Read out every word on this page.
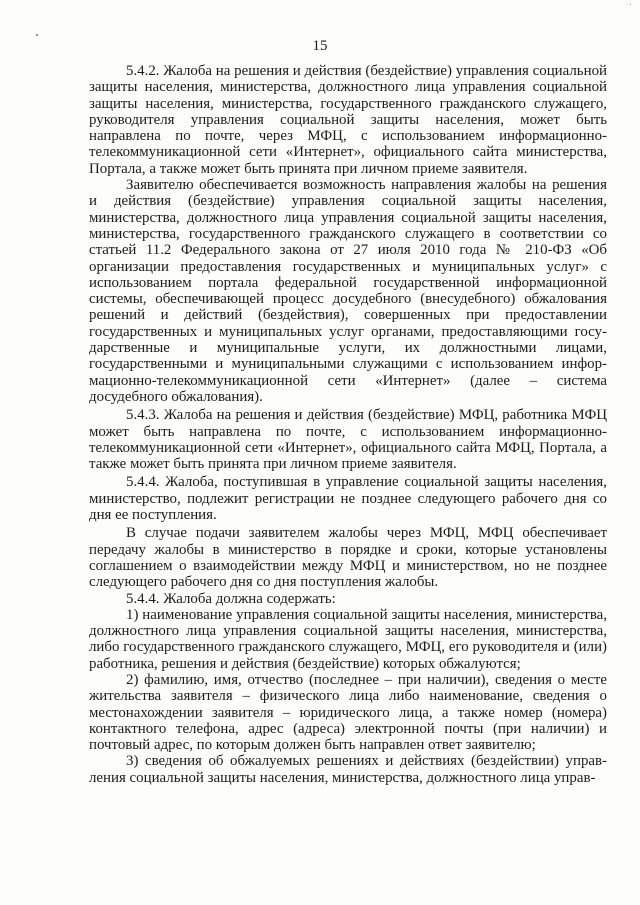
15

5.4.2. Жалоба на решения и действия (бездействие) управления социальной защиты населения, министерства, должностного лица управления социальной защиты населения, министерства, государственного гражданского служащего, руководителя управления социальной защиты населения, может быть направлена по почте, через МФЦ, с использованием информационно-телекоммуникационной сети «Интернет», официального сайта министерства, Портала, а также может быть принята при личном приеме заявителя.

Заявителю обеспечивается возможность направления жалобы на решения и действия (бездействие) управления социальной защиты населения, министерства, должностного лица управления социальной защиты населения, министерства, государственного гражданского служащего в соответствии со статьей 11.2 Федерального закона от 27 июля 2010 года № 210-ФЗ «Об организации предоставления государственных и муниципальных услуг» с использованием портала федеральной государственной информационной системы, обеспечивающей процесс досудебного (внесудебного) обжалования решений и действий (бездействия), совершенных при предоставлении государственных и муниципальных услуг органами, предоставляющими государственные и муниципальные услуги, их должностными лицами, государственными и муниципальными служащими с использованием информационно-телекоммуникационной сети «Интернет» (далее – система досудебного обжалования).

5.4.3. Жалоба на решения и действия (бездействие) МФЦ, работника МФЦ может быть направлена по почте, с использованием информационно-телекоммуникационной сети «Интернет», официального сайта МФЦ, Портала, а также может быть принята при личном приеме заявителя.

5.4.4. Жалоба, поступившая в управление социальной защиты населения, министерство, подлежит регистрации не позднее следующего рабочего дня со дня ее поступления.

В случае подачи заявителем жалобы через МФЦ, МФЦ обеспечивает передачу жалобы в министерство в порядке и сроки, которые установлены соглашением о взаимодействии между МФЦ и министерством, но не позднее следующего рабочего дня со дня поступления жалобы.

5.4.4. Жалоба должна содержать:

1) наименование управления социальной защиты населения, министерства, должностного лица управления социальной защиты населения, министерства, либо государственного гражданского служащего, МФЦ, его руководителя и (или) работника, решения и действия (бездействие) которых обжалуются;

2) фамилию, имя, отчество (последнее – при наличии), сведения о месте жительства заявителя – физического лица либо наименование, сведения о местонахождении заявителя – юридического лица, а также номер (номера) контактного телефона, адрес (адреса) электронной почты (при наличии) и почтовый адрес, по которым должен быть направлен ответ заявителю;

3) сведения об обжалуемых решениях и действиях (бездействии) управления социальной защиты населения, министерства, должностного лица управ-
